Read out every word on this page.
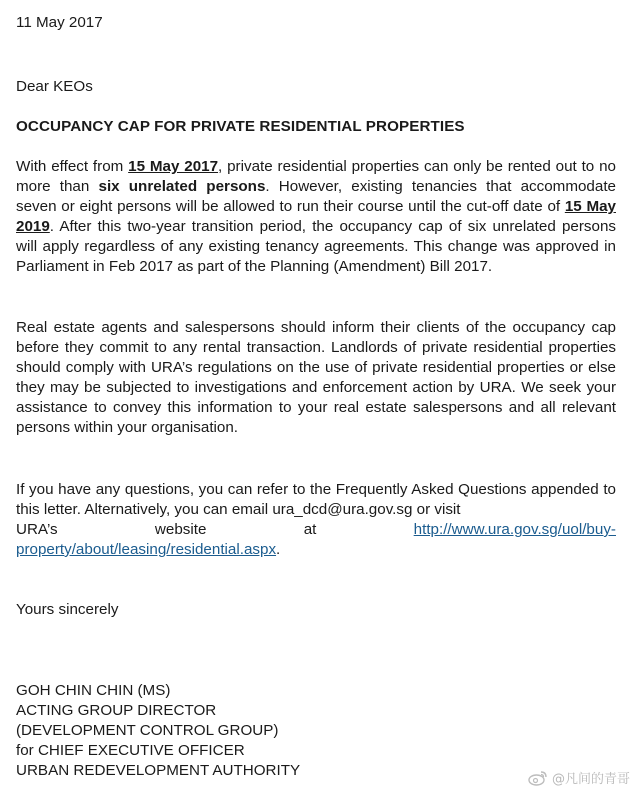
11 May 2017
Dear KEOs
OCCUPANCY CAP FOR PRIVATE RESIDENTIAL PROPERTIES
With effect from 15 May 2017, private residential properties can only be rented out to no more than six unrelated persons. However, existing tenancies that accommodate seven or eight persons will be allowed to run their course until the cut-off date of 15 May 2019. After this two-year transition period, the occupancy cap of six unrelated persons will apply regardless of any existing tenancy agreements. This change was approved in Parliament in Feb 2017 as part of the Planning (Amendment) Bill 2017.
Real estate agents and salespersons should inform their clients of the occupancy cap before they commit to any rental transaction. Landlords of private residential properties should comply with URA’s regulations on the use of private residential properties or else they may be subjected to investigations and enforcement action by URA. We seek your assistance to convey this information to your real estate salespersons and all relevant persons within your organisation.
If you have any questions, you can refer to the Frequently Asked Questions appended to this letter. Alternatively, you can email ura_dcd@ura.gov.sg or visit
URA’s	website	at	http://www.ura.gov.sg/uol/buy-
property/about/leasing/residential.aspx.
Yours sincerely
GOH CHIN CHIN (MS)
ACTING GROUP DIRECTOR
(DEVELOPMENT CONTROL GROUP)
for CHIEF EXECUTIVE OFFICER
URBAN REDEVELOPMENT AUTHORITY
@凡间的青哥
